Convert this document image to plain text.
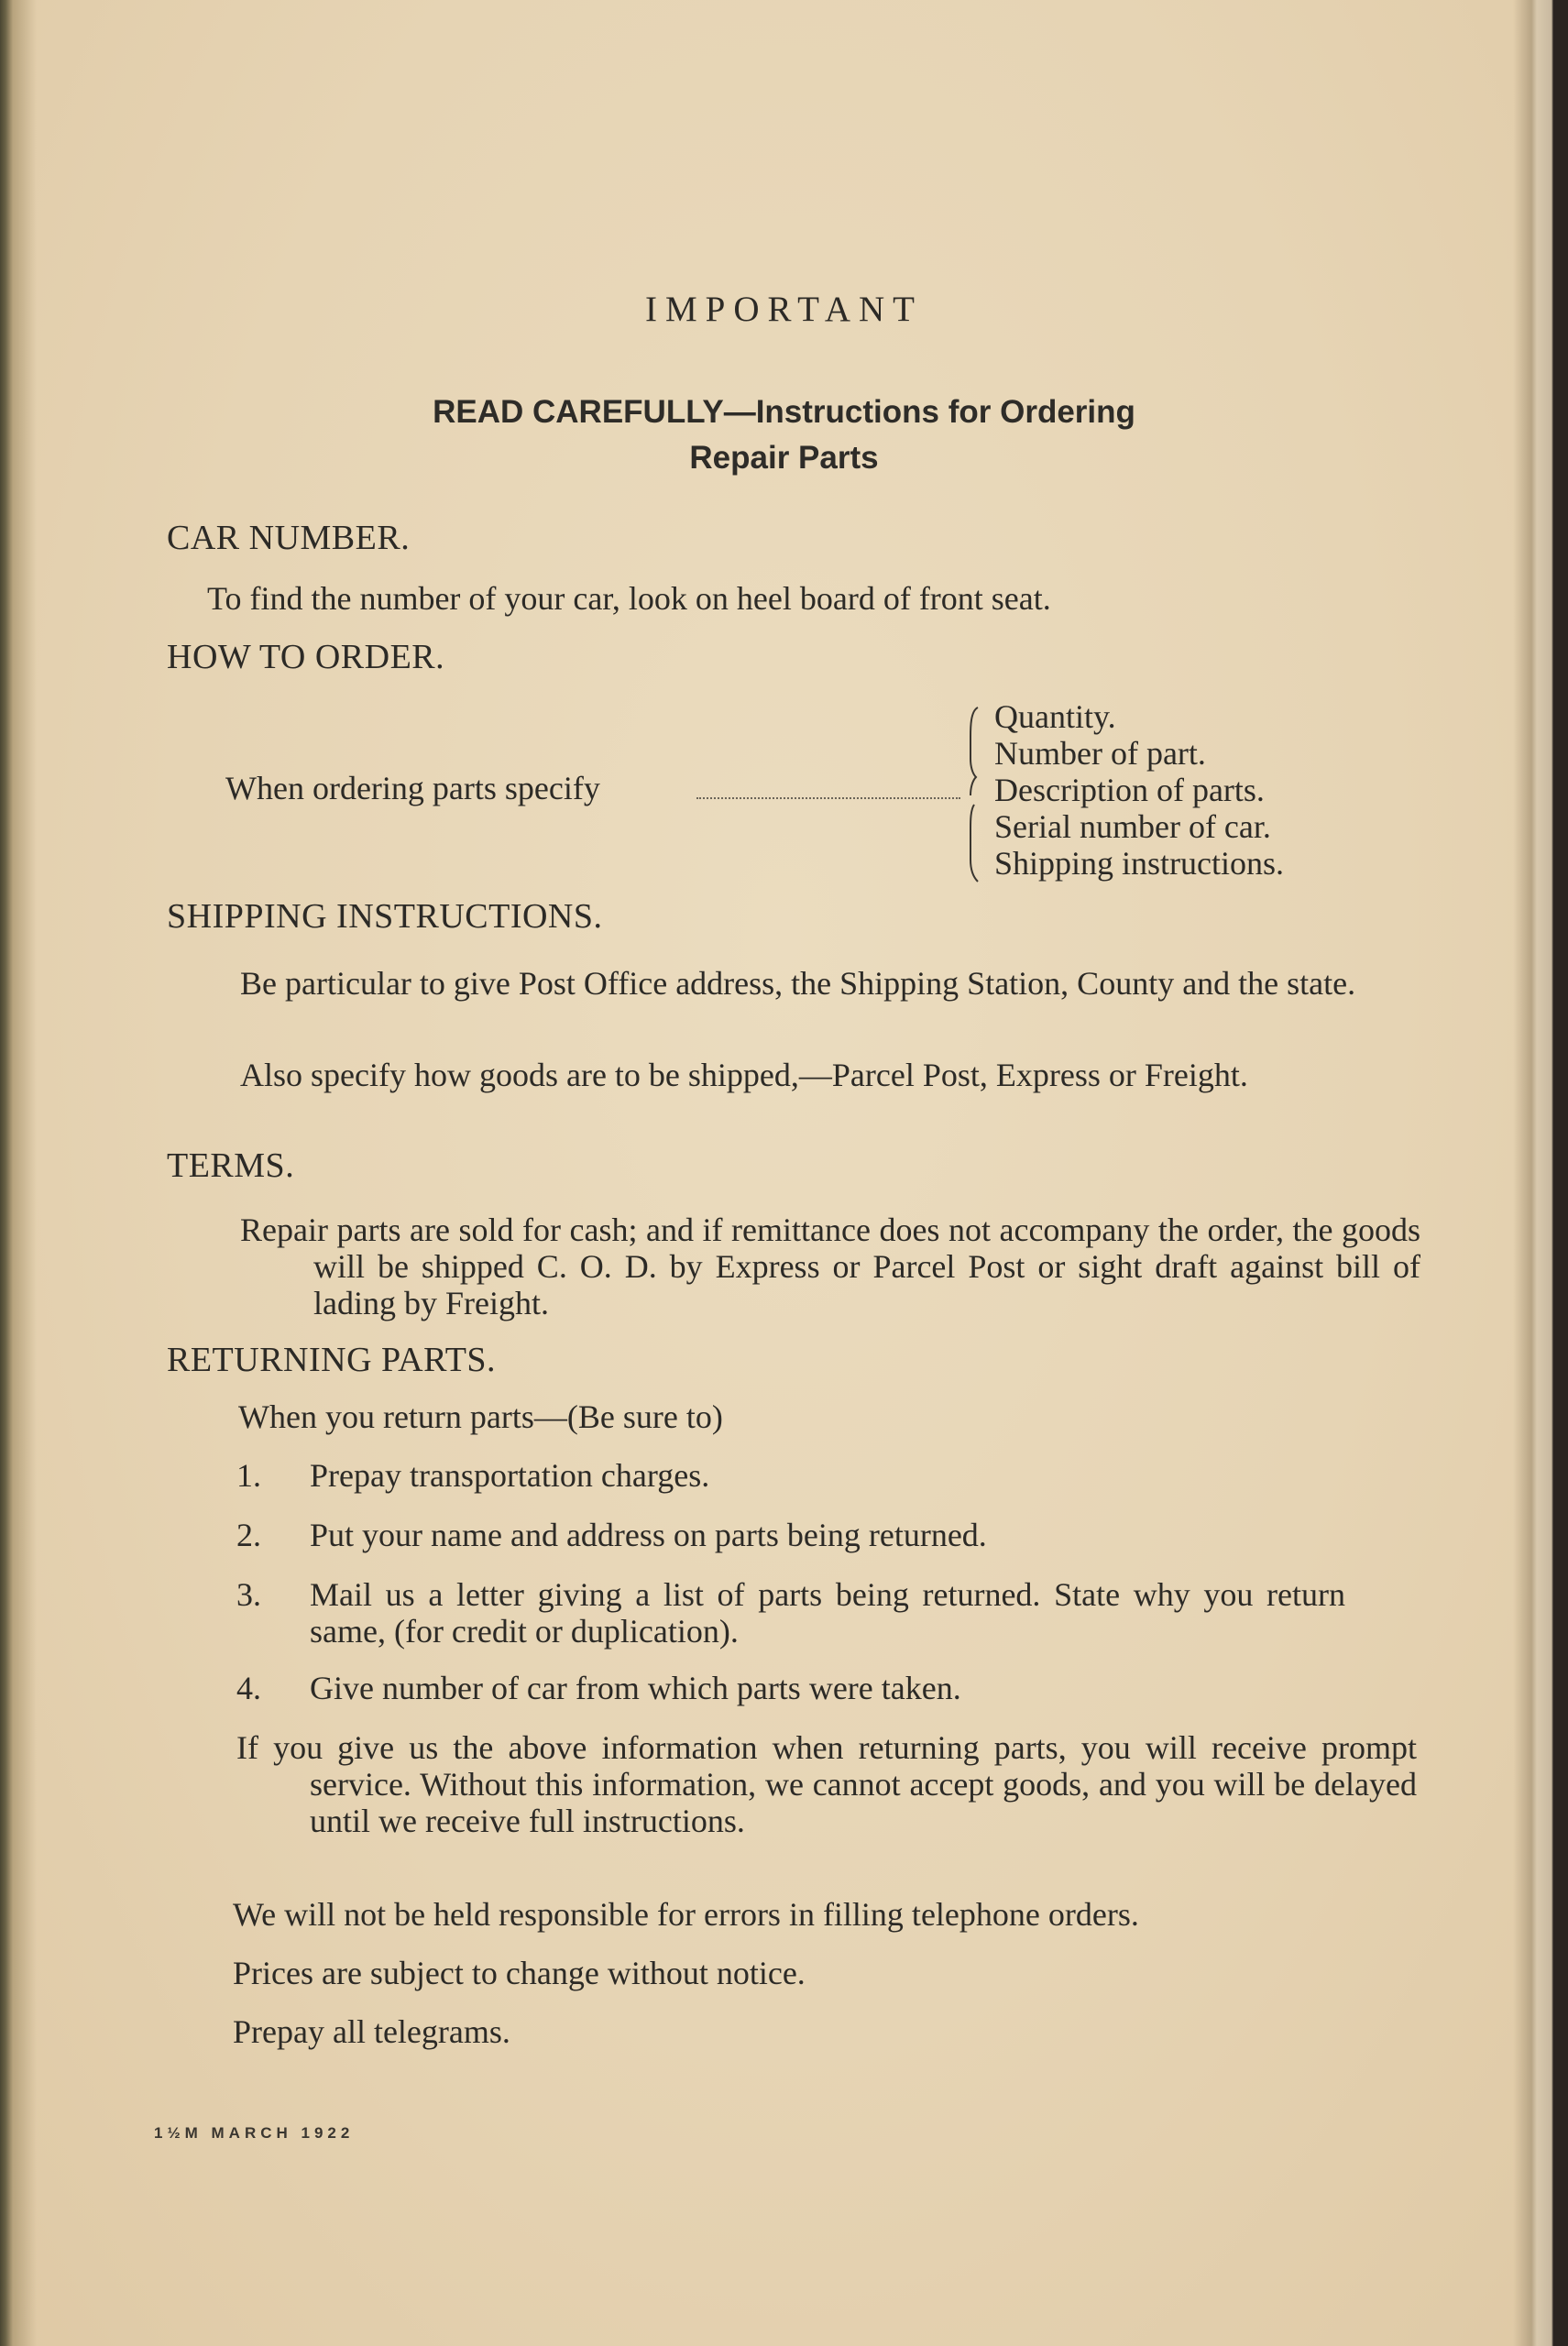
IMPORTANT
READ CAREFULLY—Instructions for Ordering
Repair Parts
CAR NUMBER.
To find the number of your car, look on heel board of front seat.
HOW TO ORDER.
When ordering parts specify
Quantity.
Number of part.
Description of parts.
Serial number of car.
Shipping instructions.
SHIPPING INSTRUCTIONS.
Be particular to give Post Office address, the Shipping Station, County and the state.
Also specify how goods are to be shipped,—Parcel Post, Express or Freight.
TERMS.
Repair parts are sold for cash; and if remittance does not accompany the order, the goods will be shipped C. O. D. by Express or Parcel Post or sight draft against bill of lading by Freight.
RETURNING PARTS.
When you return parts—(Be sure to)
1. Prepay transportation charges.
2. Put your name and address on parts being returned.
3. Mail us a letter giving a list of parts being returned. State why you return same, (for credit or duplication).
4. Give number of car from which parts were taken.
If you give us the above information when returning parts, you will receive prompt service. Without this information, we cannot accept goods, and you will be delayed until we receive full instructions.
We will not be held responsible for errors in filling telephone orders.
Prices are subject to change without notice.
Prepay all telegrams.
1½M MARCH 1922
